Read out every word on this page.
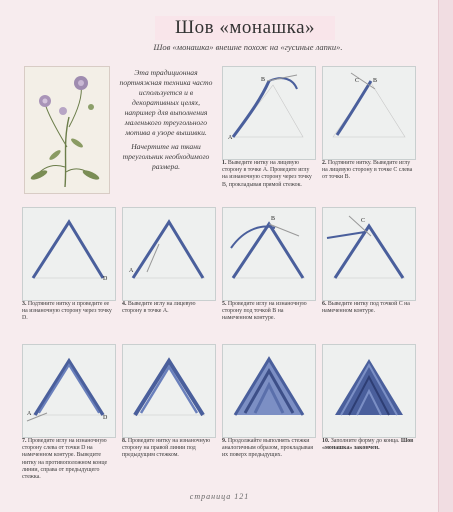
Шов «монашка»
Шов «монашка» внешне похож на «гусиные лапки».

Эта традиционная портняжная техника часто используется и в декоративных целях, например для выполнения маленького треугольного мотива в узоре вышивки.

Начертите на ткани треугольник необходимого размера.

A
B
1. Выведите нитку на лицевую сторону в точке A. Проведите иглу на изнаночную сторону через точку B, прокладывая прямой стежок.
C B
2. Подтяните нитку. Выведите иглу на лицевую сторону в точке C слева от точки B.
D
3. Подтяните нитку и проведите ее на изнаночную сторону через точку D.
A
4. Выведите иглу на лицевую сторону в точке A.
B
5. Проведите иглу на изнаночную сторону под точкой B на намеченном контуре.
C
6. Выведите нитку под точкой C на намеченном контуре.
A
D
7. Проведите иглу на изнаночную сторону слева от точки D на намеченном контуре. Выведите нитку на противоположном конце линии, справа от предыдущего стежка.
8. Проведите нитку на изнаночную сторону на правой линии под предыдущим стежком.
9. Продолжайте выполнять стежки аналогичным образом, прокладывая их поверх предыдущих.
10. Заполните форму до конца. Шов «монашка» закончен.
страница 121
